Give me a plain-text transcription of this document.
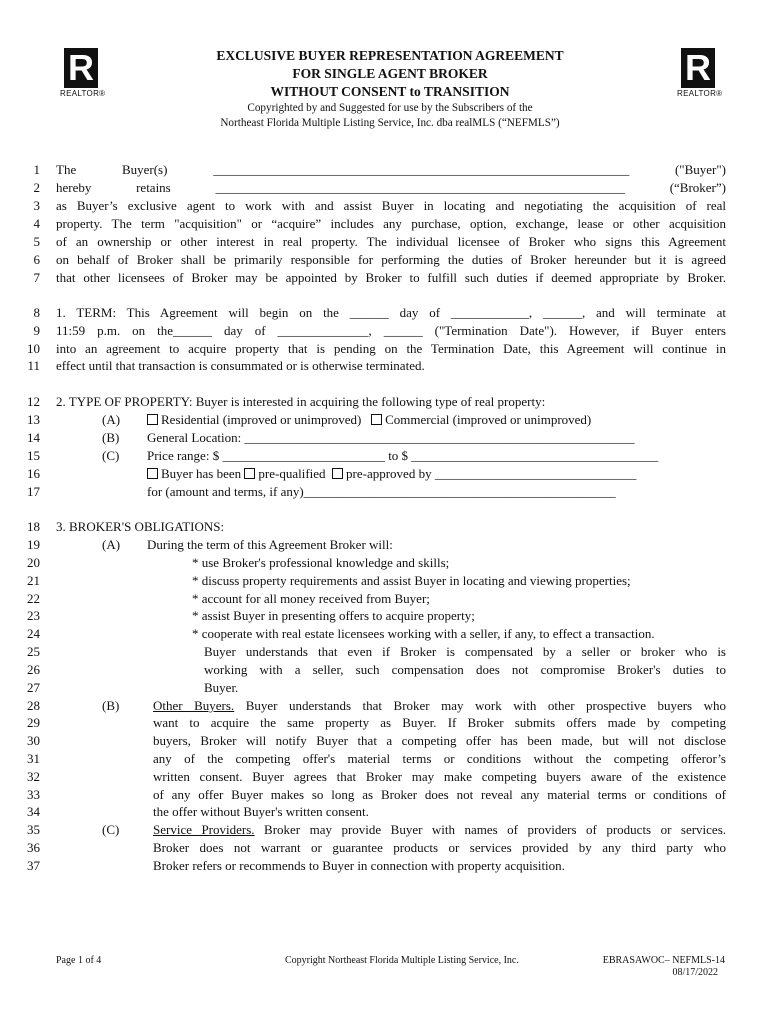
R
REALTOR®
R
REALTOR®
EXCLUSIVE BUYER REPRESENTATION AGREEMENT
FOR SINGLE AGENT BROKER
WITHOUT CONSENT to TRANSITION
Copyrighted by and Suggested for use by the Subscribers of the
Northeast Florida Multiple Listing Service, Inc. dba realMLS (“NEFMLS”)
1
2
3
4
5
6
7
8
9
10
11
12
13
14
15
16
17
18
19
20
21
22
23
24
25
26
27
28
29
30
31
32
33
34
35
36
37
The Buyer(s) ________________________________________________________________ ("Buyer")
hereby retains _______________________________________________________________ (“Broker”)
as Buyer’s exclusive agent to work with and assist Buyer in locating and negotiating the acquisition of real
property. The term "acquisition" or “acquire” includes any purchase, option, exchange, lease or other acquisition
of an ownership or other interest in real property. The individual licensee of Broker who signs this Agreement
on behalf of Broker shall be primarily responsible for performing the duties of Broker hereunder but it is agreed
that other licensees of Broker may be appointed by Broker to fulfill such duties if deemed appropriate by Broker.
1. TERM: This Agreement will begin on the ______ day of ____________, ______, and will terminate at
11:59 p.m. on the______ day of ______________, ______ ("Termination Date"). However, if Buyer enters
into an agreement to acquire property that is pending on the Termination Date, this Agreement will continue in
effect until that transaction is consummated or is otherwise terminated.
2. TYPE OF PROPERTY: Buyer is interested in acquiring the following type of real property:
(A)	Residential (improved or unimproved) Commercial (improved or unimproved)
(B) General Location: ____________________________________________________________
(C) Price range: $ _________________________ to $ ______________________________________
Buyer has been pre-qualified pre-approved by _______________________________
for (amount and terms, if any)________________________________________________
3. BROKER'S OBLIGATIONS:
(A) During the term of this Agreement Broker will:
* use Broker's professional knowledge and skills;
* discuss property requirements and assist Buyer in locating and viewing properties;
* account for all money received from Buyer;
* assist Buyer in presenting offers to acquire property;
* cooperate with real estate licensees working with a seller, if any, to effect a transaction.
Buyer understands that even if Broker is compensated by a seller or broker who is
working with a seller, such compensation does not compromise Broker's duties to
Buyer.
(B)	Other Buyers. Buyer understands that Broker may work with other prospective buyers who
want to acquire the same property as Buyer. If Broker submits offers made by competing
buyers, Broker will notify Buyer that a competing offer has been made, but will not disclose
any of the competing offer's material terms or conditions without the competing offeror’s
written consent. Buyer agrees that Broker may make competing buyers aware of the existence
of any offer Buyer makes so long as Broker does not reveal any material terms or conditions of
the offer without Buyer's written consent.
(C)	Service Providers. Broker may provide Buyer with names of providers of products or services.
Broker does not warrant or guarantee products or services provided by any third party who
Broker refers or recommends to Buyer in connection with property acquisition.
Page 1 of 4	Copyright Northeast Florida Multiple Listing Service, Inc.	EBRASAWOC– NEFMLS-14
08/17/2022
